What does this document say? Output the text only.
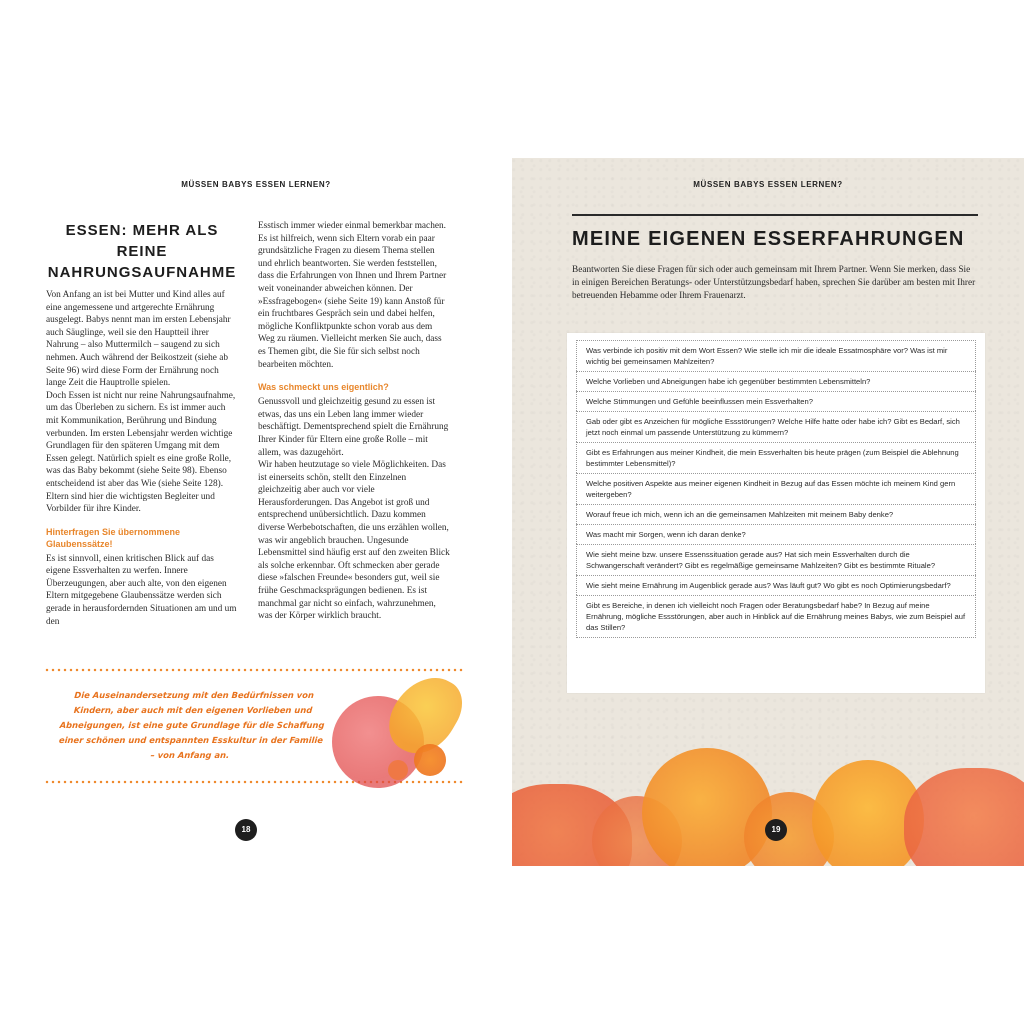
MÜSSEN BABYS ESSEN LERNEN?
ESSEN: MEHR ALS REINE NAHRUNGSAUFNAHME

Von Anfang an ist bei Mutter und Kind alles auf eine angemessene und artgerechte Ernährung ausgelegt. Babys nennt man im ersten Lebensjahr auch Säuglinge, weil sie den Hauptteil ihrer Nahrung – also Muttermilch – saugend zu sich nehmen. Auch während der Beikostzeit (siehe ab Seite 96) wird diese Form der Ernährung noch lange Zeit die Hauptrolle spielen.

Doch Essen ist nicht nur reine Nahrungsaufnahme, um das Überleben zu sichern. Es ist immer auch mit Kommunikation, Berührung und Bindung verbunden. Im ersten Lebensjahr werden wichtige Grundlagen für den späteren Umgang mit dem Essen gelegt. Natürlich spielt es eine große Rolle, was das Baby bekommt (siehe Seite 98). Ebenso entscheidend ist aber das Wie (siehe Seite 128). Eltern sind hier die wichtigsten Begleiter und Vorbilder für ihre Kinder.

Hinterfragen Sie übernommene Glaubenssätze!

Es ist sinnvoll, einen kritischen Blick auf das eigene Essverhalten zu werfen. Innere Überzeugungen, aber auch alte, von den eigenen Eltern mitgegebene Glaubenssätze werden sich gerade in herausfordernden Situationen am und um den

Esstisch immer wieder einmal bemerkbar machen. Es ist hilfreich, wenn sich Eltern vorab ein paar grundsätzliche Fragen zu diesem Thema stellen und ehrlich beantworten. Sie werden feststellen, dass die Erfahrungen von Ihnen und Ihrem Partner weit voneinander abweichen können. Der »Essfragebogen« (siehe Seite 19) kann Anstoß für ein fruchtbares Gespräch sein und dabei helfen, mögliche Konfliktpunkte schon vorab aus dem Weg zu räumen. Vielleicht merken Sie auch, dass es Themen gibt, die Sie für sich selbst noch bearbeiten möchten.

Was schmeckt uns eigentlich?

Genussvoll und gleichzeitig gesund zu essen ist etwas, das uns ein Leben lang immer wieder beschäftigt. Dementsprechend spielt die Ernährung Ihrer Kinder für Eltern eine große Rolle – mit allem, was dazugehört.

Wir haben heutzutage so viele Möglichkeiten. Das ist einerseits schön, stellt den Einzelnen gleichzeitig aber auch vor viele Herausforderungen. Das Angebot ist groß und entsprechend unübersichtlich. Dazu kommen diverse Werbebotschaften, die uns erzählen wollen, was wir angeblich brauchen. Ungesunde Lebensmittel sind häufig erst auf den zweiten Blick als solche erkennbar. Oft schmecken aber gerade diese »falschen Freunde« besonders gut, weil sie frühe Geschmacksprägungen bedienen. Es ist manchmal gar nicht so einfach, wahrzunehmen, was der Körper wirklich braucht.

Die Auseinandersetzung mit den Bedürfnissen von Kindern, aber auch mit den eigenen Vorlieben und Abneigungen, ist eine gute Grundlage für die Schaffung einer schönen und entspannten Esskultur in der Familie – von Anfang an.
18
MÜSSEN BABYS ESSEN LERNEN?
MEINE EIGENEN ESSERFAHRUNGEN

Beantworten Sie diese Fragen für sich oder auch gemeinsam mit Ihrem Partner. Wenn Sie merken, dass Sie in einigen Bereichen Beratungs- oder Unterstützungsbedarf haben, sprechen Sie darüber am besten mit Ihrer betreuenden Hebamme oder Ihrem Frauenarzt.

Was verbinde ich positiv mit dem Wort Essen? Wie stelle ich mir die ideale Essatmosphäre vor? Was ist mir wichtig bei gemeinsamen Mahlzeiten?
Welche Vorlieben und Abneigungen habe ich gegenüber bestimmten Lebensmitteln?
Welche Stimmungen und Gefühle beeinflussen mein Essverhalten?
Gab oder gibt es Anzeichen für mögliche Essstörungen? Welche Hilfe hatte oder habe ich? Gibt es Bedarf, sich jetzt noch einmal um passende Unterstützung zu kümmern?
Gibt es Erfahrungen aus meiner Kindheit, die mein Essverhalten bis heute prägen (zum Beispiel die Ablehnung bestimmter Lebensmittel)?
Welche positiven Aspekte aus meiner eigenen Kindheit in Bezug auf das Essen möchte ich meinem Kind gern weitergeben?
Worauf freue ich mich, wenn ich an die gemeinsamen Mahlzeiten mit meinem Baby denke?
Was macht mir Sorgen, wenn ich daran denke?
Wie sieht meine bzw. unsere Essenssituation gerade aus? Hat sich mein Essverhalten durch die Schwangerschaft verändert? Gibt es regelmäßige gemeinsame Mahlzeiten? Gibt es bestimmte Rituale?
Wie sieht meine Ernährung im Augenblick gerade aus? Was läuft gut? Wo gibt es noch Optimierungsbedarf?
Gibt es Bereiche, in denen ich vielleicht noch Fragen oder Beratungsbedarf habe? In Bezug auf meine Ernährung, mögliche Essstörungen, aber auch in Hinblick auf die Ernährung meines Babys, wie zum Beispiel auf das Stillen?
19
